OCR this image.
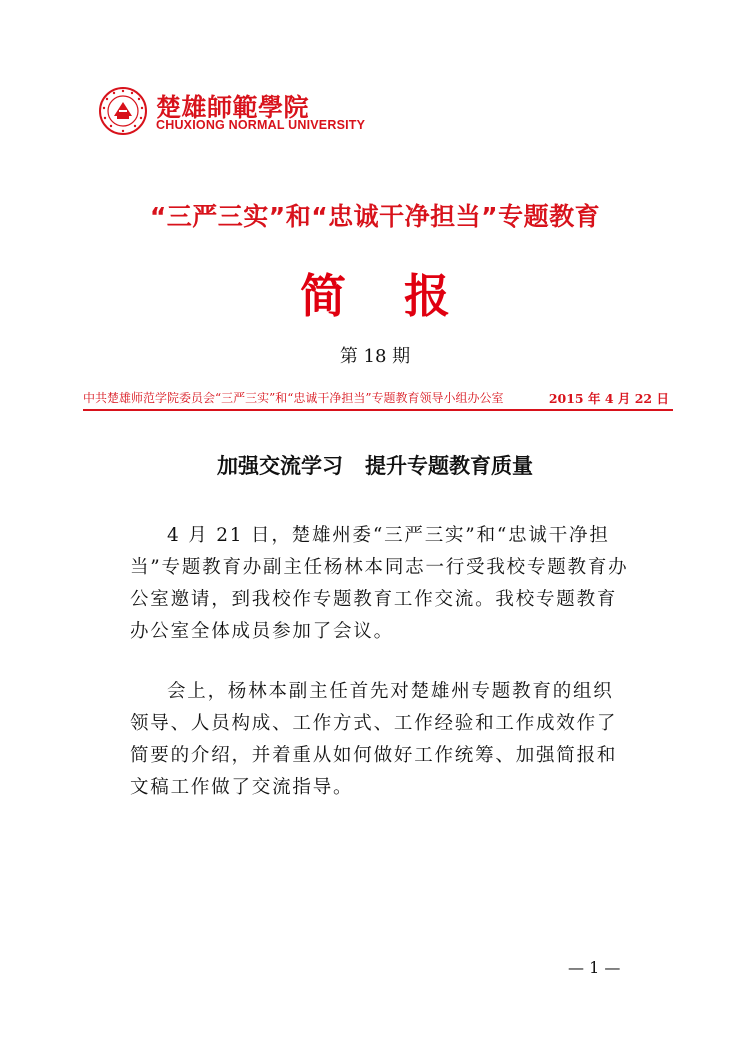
楚雄師範學院
CHUXIONG NORMAL UNIVERSITY
“三严三实”和“忠诚干净担当”专题教育
简报
第 18 期
中共楚雄师范学院委员会“三严三实”和“忠诚干净担当”专题教育领导小组办公室	2015 年 4 月 22 日
加强交流学习   提升专题教育质量

4 月 21 日，楚雄州委“三严三实”和“忠诚干净担当”专题教育办副主任杨林本同志一行受我校专题教育办公室邀请，到我校作专题教育工作交流。我校专题教育办公室全体成员参加了会议。

会上，杨林本副主任首先对楚雄州专题教育的组织领导、人员构成、工作方式、工作经验和工作成效作了简要的介绍，并着重从如何做好工作统筹、加强简报和文稿工作做了交流指导。

— 1 —
